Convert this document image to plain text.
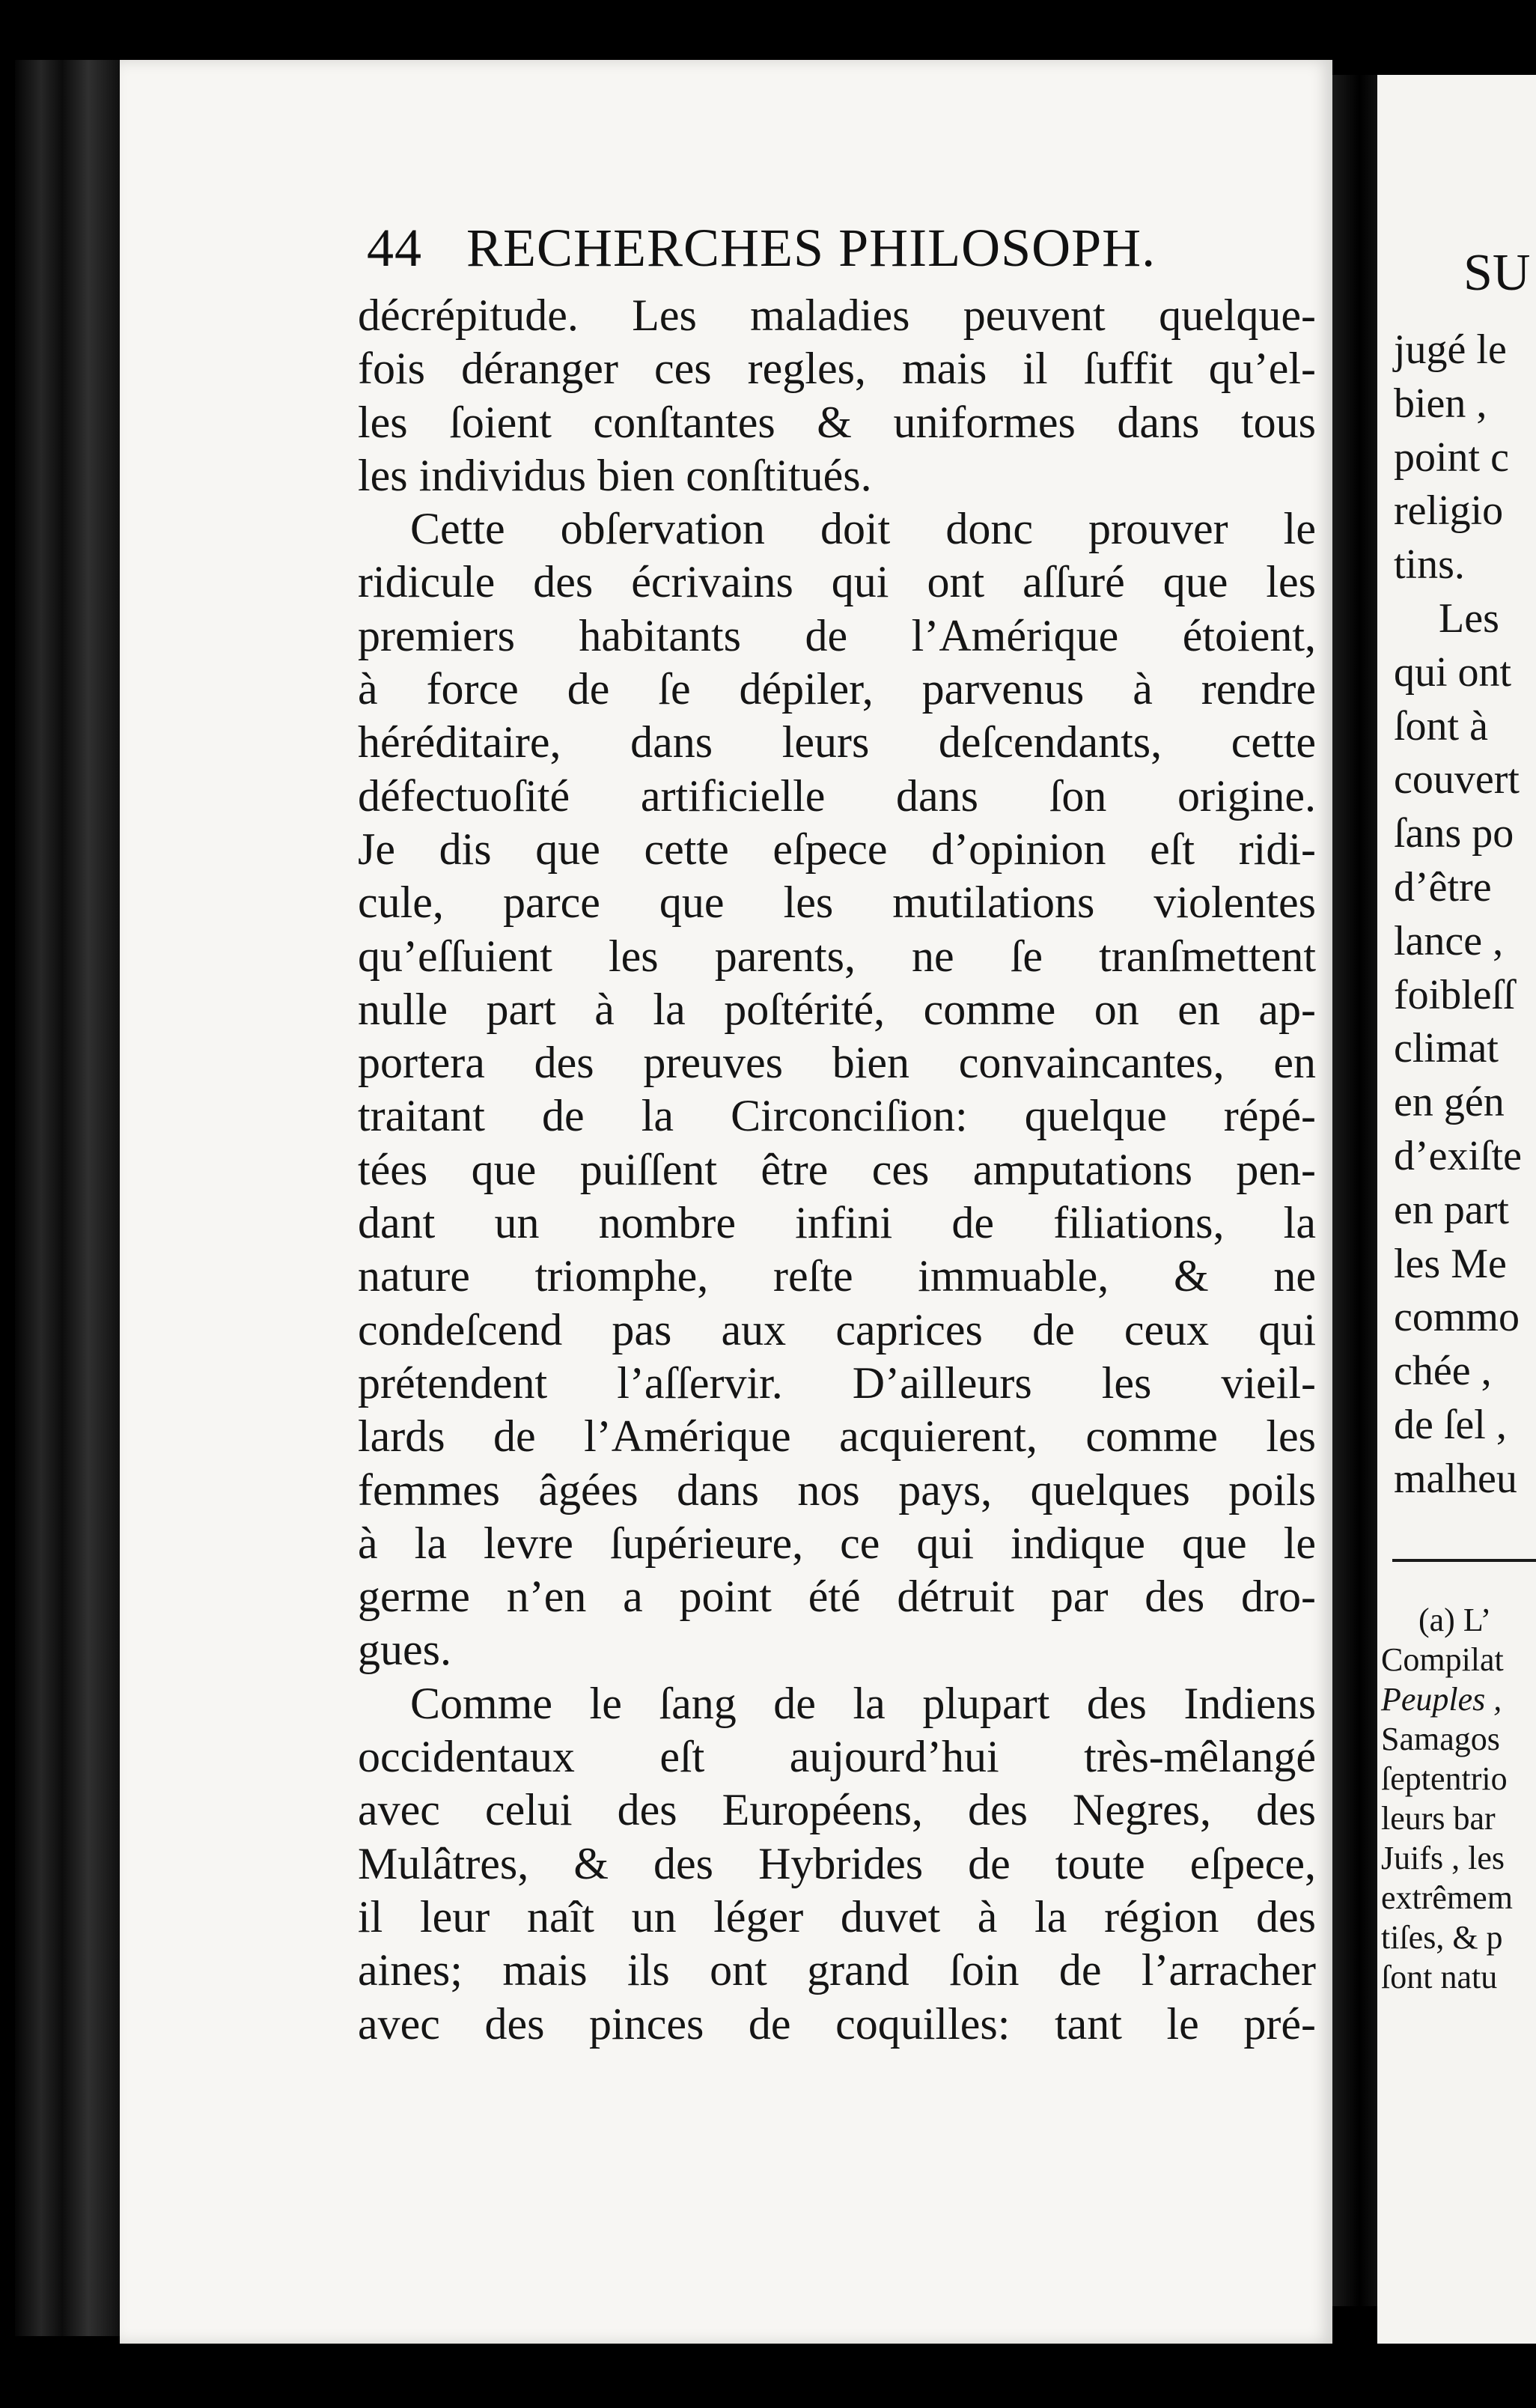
44 RECHERCHES PHILOSOPH.
décrépitude. Les maladies peuvent quelque-
fois déranger ces regles, mais il ſuffit qu’el-
les ſoient conſtantes & uniformes dans tous
les individus bien conſtitués.
Cette obſervation doit donc prouver le
ridicule des écrivains qui ont aſſuré que les
premiers habitants de l’Amérique étoient,
à force de ſe dépiler, parvenus à rendre
héréditaire, dans leurs deſcendants, cette
défectuoſité artificielle dans ſon origine.
Je dis que cette eſpece d’opinion eſt ridi-
cule, parce que les mutilations violentes
qu’eſſuient les parents, ne ſe tranſmettent
nulle part à la poſtérité, comme on en ap-
portera des preuves bien convaincantes, en
traitant de la Circonciſion: quelque répé-
tées que puiſſent être ces amputations pen-
dant un nombre infini de filiations, la
nature triomphe, reſte immuable, & ne
condeſcend pas aux caprices de ceux qui
prétendent l’aſſervir. D’ailleurs les vieil-
lards de l’Amérique acquierent, comme les
femmes âgées dans nos pays, quelques poils
à la levre ſupérieure, ce qui indique que le
germe n’en a point été détruit par des dro-
gues.
Comme le ſang de la plupart des Indiens
occidentaux eſt aujourd’hui très-mêlangé
avec celui des Européens, des Negres, des
Mulâtres, & des Hybrides de toute eſpece,
il leur naît un léger duvet à la région des
aines; mais ils ont grand ſoin de l’arracher
avec des pinces de coquilles: tant le pré-
SU
jugé le
bien ,
point c
religio
tins.
Les
qui ont
ſont à
couvert
ſans po
d’être
lance ,
foibleſſ
climat
en gén
d’exiſte
en part
les Me
commo
chée ,
de ſel ,
malheu
(a) L’
Compilat
Peuples ,
Samagos
ſeptentrio
leurs bar
Juifs , les
extrêmem
tiſes, & p
ſont natu
